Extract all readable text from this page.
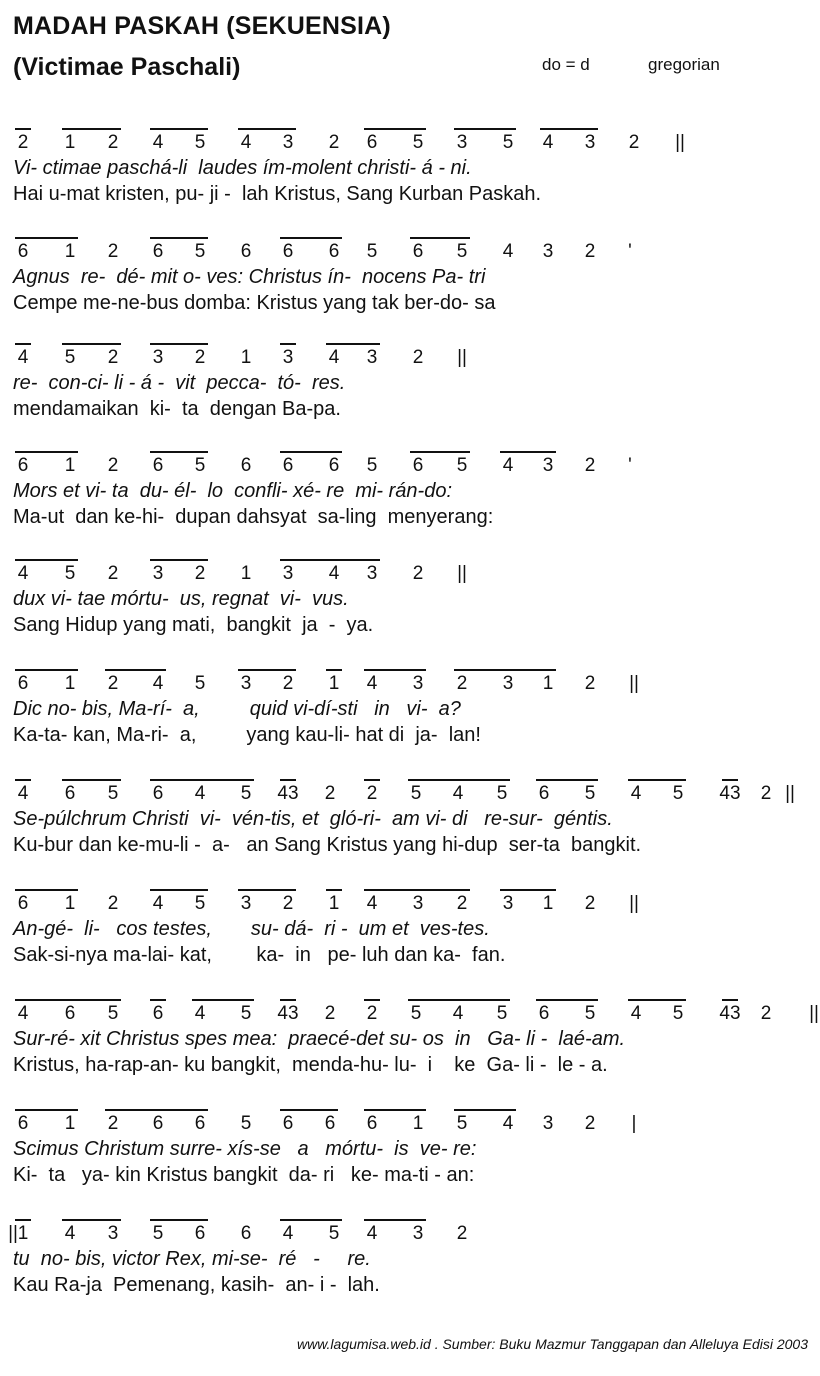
MADAH PASKAH (SEKUENSIA)
(Victimae Paschali)	do = d	gregorian
2 1 2 4 5 4 3 2 6 5 3 5 4 3 2 ||
Vi- ctimae paschá-li  laudes ím-molent christi- á - ni.
Hai u-mat kristen, pu- ji -  lah Kristus, Sang Kurban Paskah.
6 1 2 6 5 6 6 6 5 6 5 4 3 2 '
Agnus  re-  dé- mit o- ves: Christus ín-  nocens Pa- tri
Cempe me-ne-bus domba: Kristus yang tak ber-do- sa
4 5 2 3 2 1 3 4 3 2 ||
re-  con-ci- li - á -  vit  pecca-  tó-  res.
mendamaikan  ki-  ta  dengan Ba-pa.
6 1 2 6 5 6 6 6 5 6 5 4 3 2 '
Mors et vi- ta  du- él-  lo  confli- xé- re  mi- rán-do:
Ma-ut  dan ke-hi-  dupan dahsyat  sa-ling  menyerang:
4 5 2 3 2 1 3 4 3 2 ||
dux vi- tae mórtu-  us, regnat  vi-  vus.
Sang Hidup yang mati,  bangkit  ja  -  ya.
6 1 2 4 5 3 2 1 4 3 2 3 1 2 ||
Dic no- bis, Ma-rí-  a,         quid vi-dí-sti   in   vi-  a?
Ka-ta- kan, Ma-ri-  a,         yang kau-li- hat di  ja-  lan!
4 6 5 6 4 5 43 2 2 5 4 5 6 5 4 5 43 2 ||
Se-púlchrum Christi  vi-  vén-tis, et  gló-ri-  am vi- di   re-sur-  géntis.
Ku-bur dan ke-mu-li -  a-   an Sang Kristus yang hi-dup  ser-ta  bangkit.
6 1 2 4 5 3 2 1 4 3 2 3 1 2 ||
An-gé-  li-   cos testes,       su- dá-  ri -  um et  ves-tes.
Sak-si-nya ma-lai- kat,        ka-  in   pe- luh dan ka-  fan.
4 6 5 6 4 5 43 2 2 5 4 5 6 5 4 5 43 2 ||
Sur-ré- xit Christus spes mea:  praecé-det su- os  in   Ga- li -  laé-am.
Kristus, ha-rap-an- ku bangkit,  menda-hu- lu-  i    ke  Ga- li -  le - a.
6 1 2 6 6 5 6 6 6 1 5 4 3 2 |
Scimus Christum surre- xís-se   a   mórtu-  is  ve- re:
Ki-  ta   ya- kin Kristus bangkit  da- ri   ke- ma-ti - an:
1 4 3 5 6 6 4 5 4 3 2
||
tu  no- bis, victor Rex, mi-se-  ré   -     re.
Kau Ra-ja  Pemenang, kasih-  an- i -  lah.
www.lagumisa.web.id . Sumber: Buku Mazmur Tanggapan dan Alleluya Edisi 2003
